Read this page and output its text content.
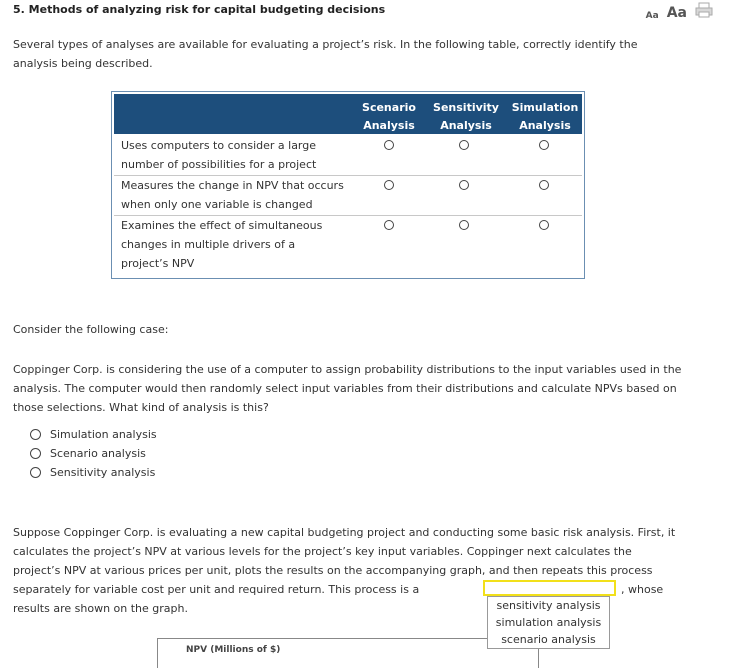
5. Methods of analyzing risk for capital budgeting decisions	Aa Aa
Several types of analyses are available for evaluating a project’s risk. In the following table, correctly identify the analysis being described.
Scenario
Analysis
Sensitivity
Analysis
Simulation
Analysis
Uses computers to consider a large
number of possibilities for a project
Measures the change in NPV that occurs
when only one variable is changed
Examines the effect of simultaneous
changes in multiple drivers of a
project’s NPV
Consider the following case:
Coppinger Corp. is considering the use of a computer to assign probability distributions to the input variables used in the analysis. The computer would then randomly select input variables from their distributions and calculate NPVs based on those selections. What kind of analysis is this?
Simulation analysis
Scenario analysis
Sensitivity analysis
Suppose Coppinger Corp. is evaluating a new capital budgeting project and conducting some basic risk analysis. First, it calculates the project’s NPV at various levels for the project’s key input variables. Coppinger next calculates the project’s NPV at various prices per unit, plots the results on the accompanying graph, and then repeats this process separately for variable cost per unit and required return. This process is a	, whose
results are shown on the graph.
NPV (Millions of $)
sensitivity analysis
simulation analysis
scenario analysis
